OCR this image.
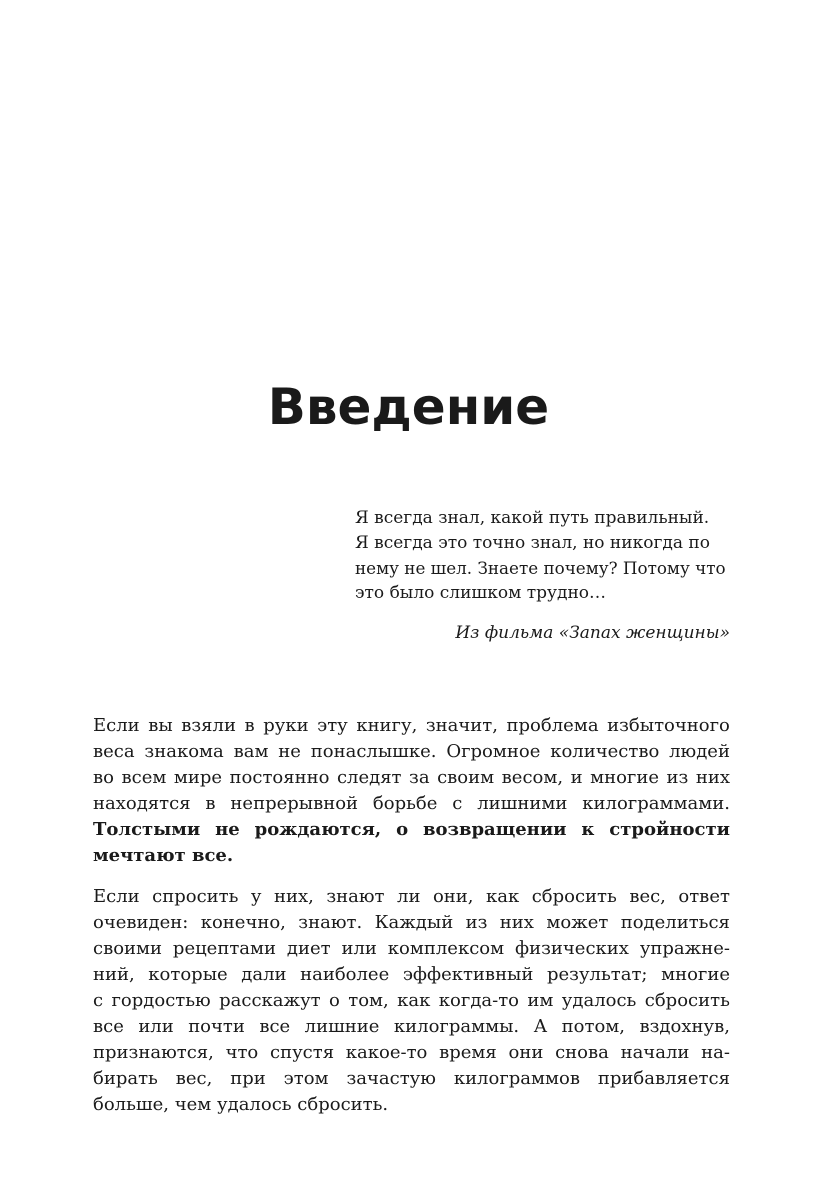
Введение
Я всегда знал, какой путь правильный.
Я всегда это точно знал, но никогда по
нему не шел. Знаете почему? Потому что
это было слишком трудно…
Из фильма «Запах женщины»
Если вы взяли в руки эту книгу, значит, проблема избыточного
веса знакома вам не понаслышке. Огромное количество людей
во всем мире постоянно следят за своим весом, и многие из них
находятся в непрерывной борьбе с лишними килограммами.
Толстыми не рождаются, о возвращении к стройности
мечтают все.
Если спросить у них, знают ли они, как сбросить вес, ответ
очевиден: конечно, знают. Каждый из них может поделиться
своими рецептами диет или комплексом физических упражне-
ний, которые дали наиболее эффективный результат; многие
с гордостью расскажут о том, как когда-то им удалось сбросить
все или почти все лишние килограммы. А потом, вздохнув,
признаются, что спустя какое-то время они снова начали на-
бирать вес, при этом зачастую килограммов прибавляется
больше, чем удалось сбросить.
